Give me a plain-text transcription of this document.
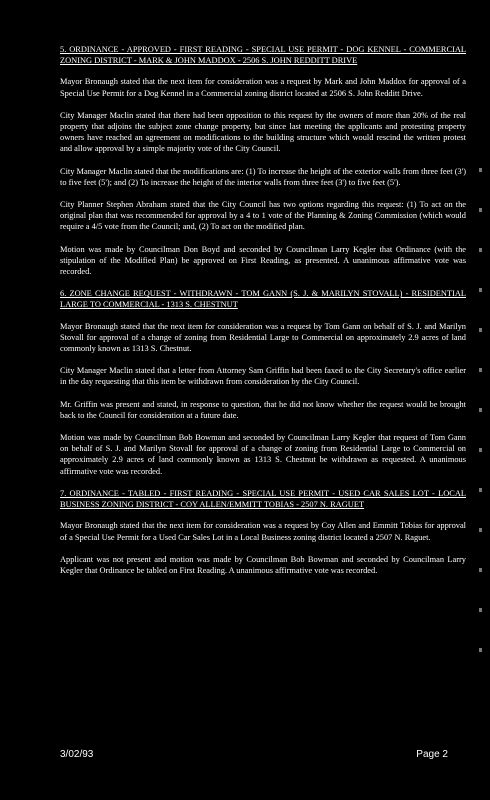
5. ORDINANCE - APPROVED - FIRST READING - SPECIAL USE PERMIT - DOG KENNEL - COMMERCIAL ZONING DISTRICT - MARK & JOHN MADDOX - 2506 S. JOHN REDDITT DRIVE

Mayor Bronaugh stated that the next item for consideration was a request by Mark and John Maddox for approval of a Special Use Permit for a Dog Kennel in a Commercial zoning district located at 2506 S. John Redditt Drive.

City Manager Maclin stated that there had been opposition to this request by the owners of more than 20% of the real property that adjoins the subject zone change property, but since last meeting the applicants and protesting property owners have reached an agreement on modifications to the building structure which would rescind the written protest and allow approval by a simple majority vote of the City Council.

City Manager Maclin stated that the modifications are: (1) To increase the height of the exterior walls from three feet (3') to five feet (5'); and (2) To increase the height of the interior walls from three feet (3') to five feet (5').

City Planner Stephen Abraham stated that the City Council has two options regarding this request: (1) To act on the original plan that was recommended for approval by a 4 to 1 vote of the Planning & Zoning Commission (which would require a 4/5 vote from the Council; and, (2) To act on the modified plan.

Motion was made by Councilman Don Boyd and seconded by Councilman Larry Kegler that Ordinance (with the stipulation of the Modified Plan) be approved on First Reading, as presented. A unanimous affirmative vote was recorded.

6. ZONE CHANGE REQUEST - WITHDRAWN - TOM GANN (S. J. & MARILYN STOVALL) - RESIDENTIAL LARGE TO COMMERCIAL - 1313 S. CHESTNUT

Mayor Bronaugh stated that the next item for consideration was a request by Tom Gann on behalf of S. J. and Marilyn Stovall for approval of a change of zoning from Residential Large to Commercial on approximately 2.9 acres of land commonly known as 1313 S. Chestnut.

City Manager Maclin stated that a letter from Attorney Sam Griffin had been faxed to the City Secretary's office earlier in the day requesting that this item be withdrawn from consideration by the City Council.

Mr. Griffin was present and stated, in response to question, that he did not know whether the request would be brought back to the Council for consideration at a future date.

Motion was made by Councilman Bob Bowman and seconded by Councilman Larry Kegler that request of Tom Gann on behalf of S. J. and Marilyn Stovall for approval of a change of zoning from Residential Large to Commercial on approximately 2.9 acres of land commonly known as 1313 S. Chestnut be withdrawn as requested. A unanimous affirmative vote was recorded.

7. ORDINANCE - TABLED - FIRST READING - SPECIAL USE PERMIT - USED CAR SALES LOT - LOCAL BUSINESS ZONING DISTRICT - COY ALLEN/EMMITT TOBIAS - 2507 N. RAGUET

Mayor Bronaugh stated that the next item for consideration was a request by Coy Allen and Emmitt Tobias for approval of a Special Use Permit for a Used Car Sales Lot in a Local Business zoning district located a 2507 N. Raguet.

Applicant was not present and motion was made by Councilman Bob Bowman and seconded by Councilman Larry Kegler that Ordinance be tabled on First Reading. A unanimous affirmative vote was recorded.

3/02/93	Page 2
